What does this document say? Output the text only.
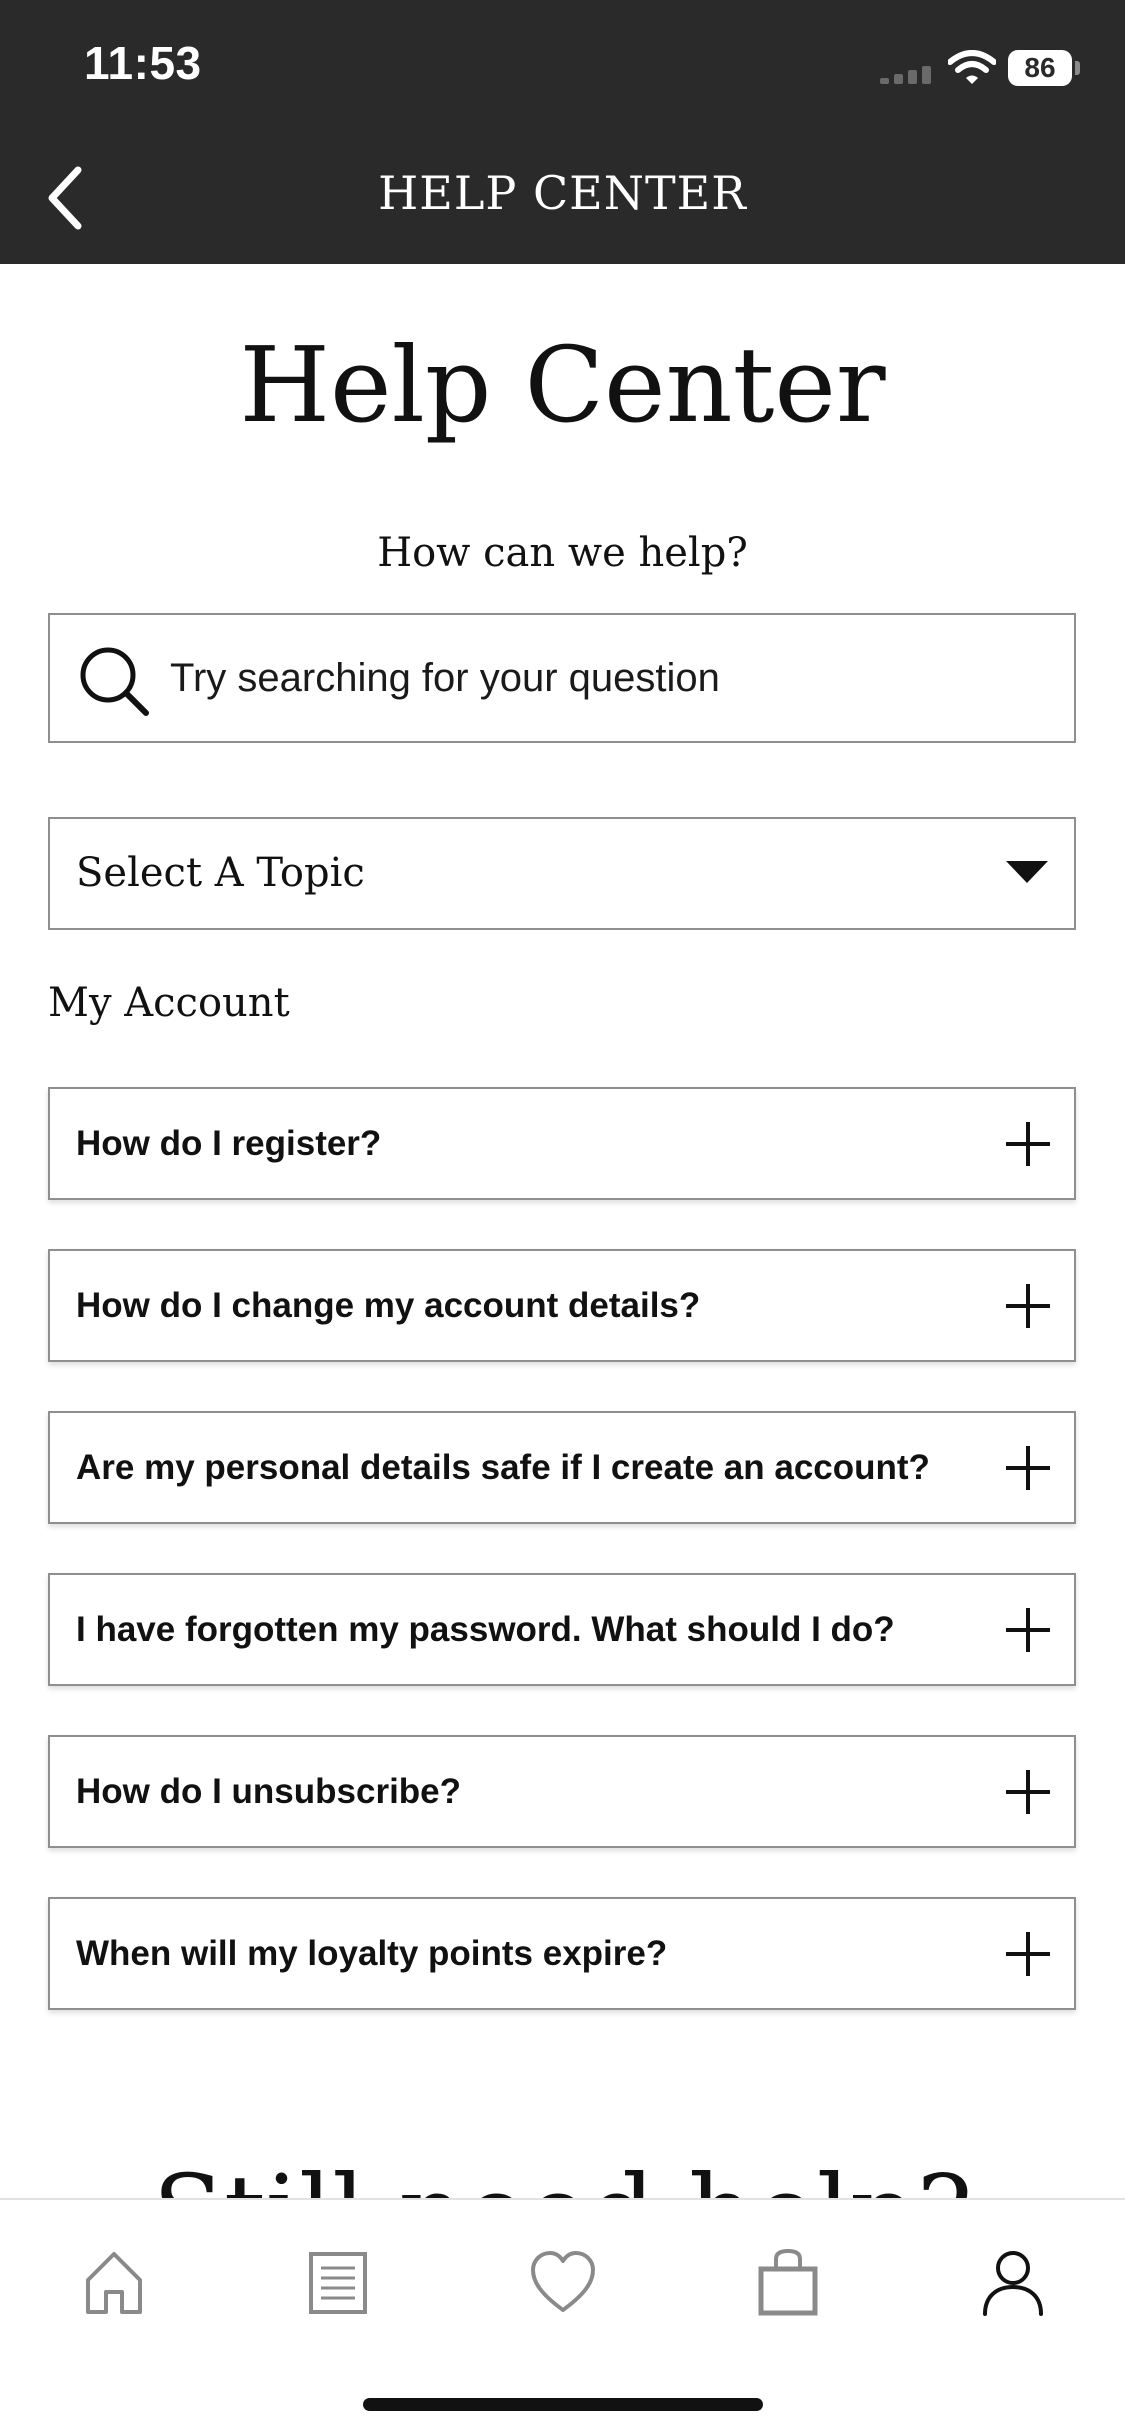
11:53	86
HELP CENTER
Help Center
How can we help?
Try searching for your question
Select A Topic
My Account
How do I register?
How do I change my account details?
Are my personal details safe if I create an account?
I have forgotten my password. What should I do?
How do I unsubscribe?
When will my loyalty points expire?
